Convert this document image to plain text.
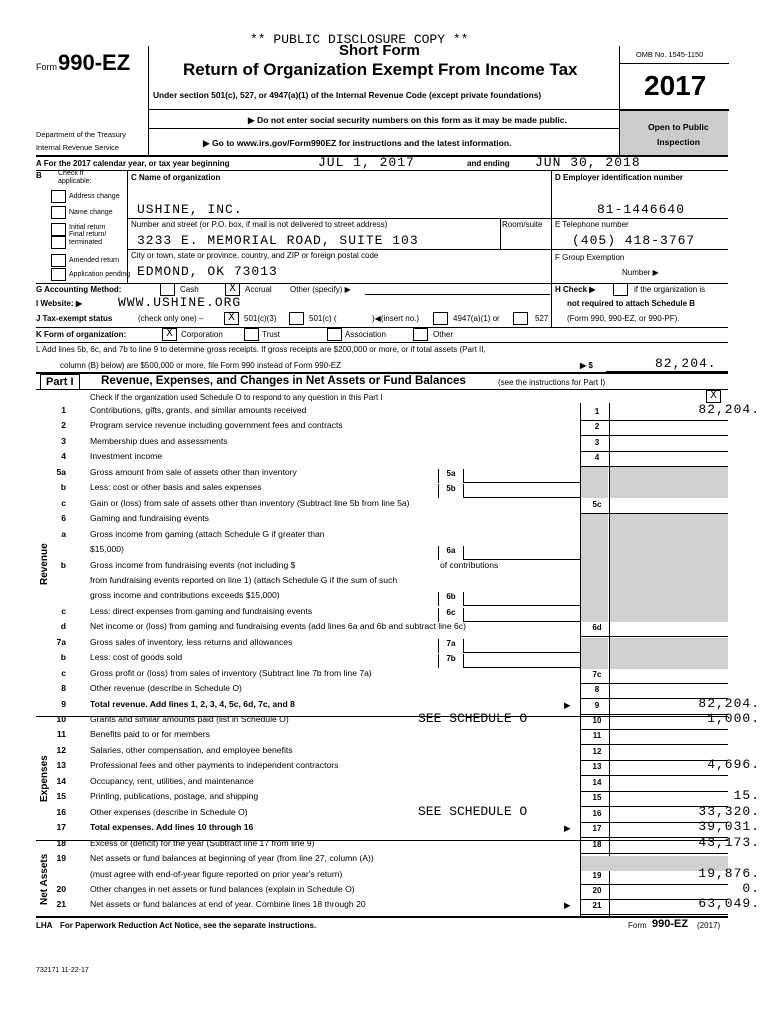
** PUBLIC DISCLOSURE COPY **
Form 990-EZ	Short Form
Return of Organization Exempt From Income Tax
Under section 501(c), 527, or 4947(a)(1) of the Internal Revenue Code (except private foundations)
▶ Do not enter social security numbers on this form as it may be made public.
▶ Go to www.irs.gov/Form990EZ for instructions and the latest information.
Department of the Treasury
Internal Revenue Service
OMB No. 1545-1150
2017
Open to Public
Inspection
A For the 2017 calendar year, or tax year beginning	JUL 1, 2017	and ending JUN 30, 2018
B Check if
applicable:
Address change
Name change
Initial return
Final return/
terminated
Amended return
Application pending
C Name of organization
USHINE, INC.
Number and street (or P.O. box, if mail is not delivered to street address)	Room/suite
3233 E. MEMORIAL ROAD, SUITE 103
City or town, state or province, country, and ZIP or foreign postal code
EDMOND, OK 73013
D Employer identification number
81-1446640
E Telephone number
(405) 418-3767
F Group Exemption
Number ▶
G Accounting Method:	Cash	X	Accrual Other (specify) ▶	H Check ▶	if the organization is
not required to attach Schedule B
(Form 990, 990-EZ, or 990-PF).
I Website: ▶	WWW.USHINE.ORG
J Tax-exempt status	(check only one) –	X	501(c)(3)	501(c) (	)◀(insert no.)	4947(a)(1) or	527
K Form of organization:	X	Corporation	Trust	Association	Other
L Add lines 5b, 6c, and 7b to line 9 to determine gross receipts. If gross receipts are $200,000 or more, or if total assets (Part II,
column (B) below) are $500,000 or more, file Form 990 instead of Form 990-EZ	▶ $	82,204.
Part I	Revenue, Expenses, and Changes in Net Assets or Fund Balances	(see the instructions for Part I)
Check if the organization used Schedule O to respond to any question in this Part I	X
Revenue
Expenses
Net Assets
1	Contributions, gifts, grants, and similar amounts received	1	82,204.
2	Program service revenue including government fees and contracts	2
3	Membership dues and assessments	3
4	Investment income	4
5a	Gross amount from sale of assets other than inventory	5a
b	Less: cost or other basis and sales expenses	5b
c	Gain or (loss) from sale of assets other than inventory (Subtract line 5b from line 5a)	5c
6	Gaming and fundraising events
a	Gross income from gaming (attach Schedule G if greater than
$15,000)	6a
b	Gross income from fundraising events (not including $	of contributions
from fundraising events reported on line 1) (attach Schedule G if the sum of such
gross income and contributions exceeds $15,000)	6b
c	Less: direct expenses from gaming and fundraising events	6c
d	Net income or (loss) from gaming and fundraising events (add lines 6a and 6b and subtract line 6c)	6d
7a	Gross sales of inventory, less returns and allowances	7a
b	Less: cost of goods sold	7b
c	Gross profit or (loss) from sales of inventory (Subtract line 7b from line 7a)	7c
8	Other revenue (describe in Schedule O)	8
9	Total revenue. Add lines 1, 2, 3, 4, 5c, 6d, 7c, and 8	▶	9	82,204.
10	Grants and similar amounts paid (list in Schedule O)	SEE SCHEDULE O	10	1,000.
11	Benefits paid to or for members	11
12	Salaries, other compensation, and employee benefits	12
13	Professional fees and other payments to independent contractors	13	4,696.
14	Occupancy, rent, utilities, and maintenance	14
15	Printing, publications, postage, and shipping	15	15.
16	Other expenses (describe in Schedule O)	SEE SCHEDULE O	16	33,320.
17	Total expenses. Add lines 10 through 16	▶	17	39,031.
18	Excess or (deficit) for the year (Subtract line 17 from line 9)	18	43,173.
19	Net assets or fund balances at beginning of year (from line 27, column (A))
(must agree with end-of-year figure reported on prior year's return)	19	19,876.
20	Other changes in net assets or fund balances (explain in Schedule O)	20	0.
21	Net assets or fund balances at end of year. Combine lines 18 through 20	▶	21	63,049.
LHA For Paperwork Reduction Act Notice, see the separate instructions.	Form 990-EZ (2017)
732171 11-22-17
